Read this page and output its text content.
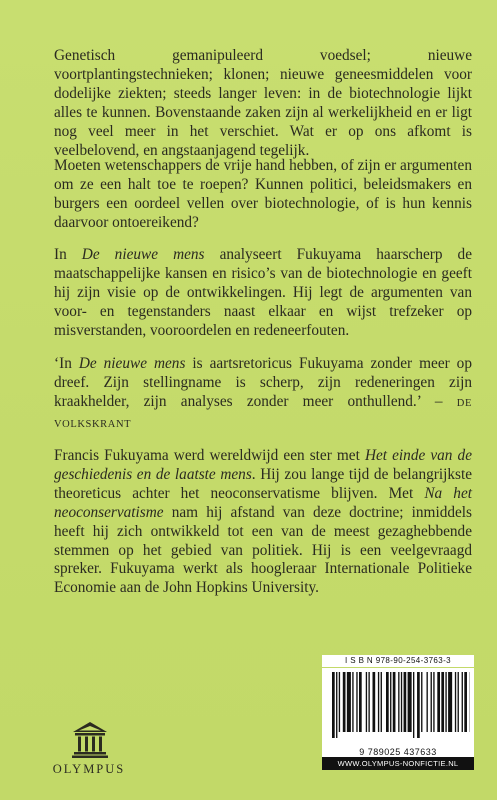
Genetisch gemanipuleerd voedsel; nieuwe voortplantingstechnieken; klonen; nieuwe geneesmiddelen voor dodelijke ziekten; steeds langer leven: in de biotechnologie lijkt alles te kunnen. Bovenstaande zaken zijn al werkelijkheid en er ligt nog veel meer in het verschiet. Wat er op ons afkomt is veelbelovend, en angstaanjagend tegelijk.

Moeten wetenschappers de vrije hand hebben, of zijn er argumenten om ze een halt toe te roepen? Kunnen politici, beleidsmakers en burgers een oordeel vellen over biotechnologie, of is hun kennis daarvoor ontoereikend?

In De nieuwe mens analyseert Fukuyama haarscherp de maatschappelijke kansen en risico’s van de biotechnologie en geeft hij zijn visie op de ontwikkelingen. Hij legt de argumenten van voor- en tegenstanders naast elkaar en wijst trefzeker op misverstanden, vooroordelen en redeneerfouten.

‘In De nieuwe mens is aartsretoricus Fukuyama zonder meer op dreef. Zijn stellingname is scherp, zijn redeneringen zijn kraakhelder, zijn analyses zonder meer onthullend.’ – DE VOLKSKRANT

Francis Fukuyama werd wereldwijd een ster met Het einde van de geschiedenis en de laatste mens. Hij zou lange tijd de belangrijkste theoreticus achter het neoconservatisme blijven. Met Na het neoconservatisme nam hij afstand van deze doctrine; inmiddels heeft hij zich ontwikkeld tot een van de meest gezaghebbende stemmen op het gebied van politiek. Hij is een veelgevraagd spreker. Fukuyama werkt als hoogleraar Internationale Politieke Economie aan de John Hopkins University.

OLYMPUS
I S B N 978-90-254-3763-3
9 789025 437633
WWW.OLYMPUS-NONFICTIE.NL
